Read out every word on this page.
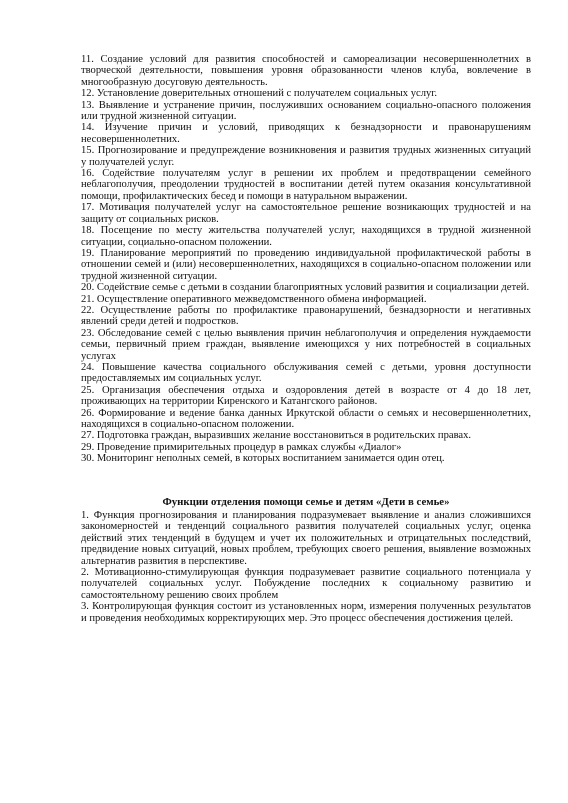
11. Создание условий для развития способностей и самореализации несовершеннолетних в творческой деятельности, повышения уровня образованности членов клуба, вовлечение в многообразную досуговую деятельность.

12. Установление доверительных отношений с получателем социальных услуг.

13. Выявление и устранение причин, послуживших основанием социально-опасного положения или трудной жизненной ситуации.

14. Изучение причин и условий, приводящих к безнадзорности и правонарушениям несовершеннолетних.

15. Прогнозирование и предупреждение возникновения и развития трудных жизненных ситуаций у получателей услуг.

16. Содействие получателям услуг в решении их проблем и предотвращении семейного неблагополучия, преодолении трудностей в воспитании детей путем оказания консультативной помощи, профилактических бесед и помощи в натуральном выражении.

17. Мотивация получателей услуг на самостоятельное решение возникающих трудностей и на защиту от социальных рисков.

18. Посещение по месту жительства получателей услуг, находящихся в трудной жизненной ситуации, социально-опасном положении.

19. Планирование мероприятий по проведению индивидуальной профилактической работы в отношении семей и (или) несовершеннолетних, находящихся в социально-опасном положении или трудной жизненной ситуации.

20. Содействие семье с детьми в создании благоприятных условий развития и социализации детей.

21. Осуществление оперативного межведомственного обмена информацией.

22. Осуществление работы по профилактике правонарушений, безнадзорности и негативных явлений среди детей и подростков.

23. Обследование семей с целью выявления причин неблагополучия и определения нуждаемости семьи, первичный прием граждан, выявление имеющихся у них потребностей в социальных услугах

24. Повышение качества социального обслуживания семей с детьми, уровня доступности предоставляемых им социальных услуг.

25. Организация обеспечения отдыха и оздоровления детей в возрасте от 4 до 18 лет, проживающих на территории Киренского и Катангского районов.

26. Формирование и ведение банка данных Иркутской области о семьях и несовершеннолетних, находящихся в социально-опасном положении.

27. Подготовка граждан, выразивших желание восстановиться в родительских правах.

29. Проведение примирительных процедур в рамках службы «Диалог»

30. Мониторинг неполных семей, в которых воспитанием занимается один отец.

Функции отделения помощи семье и детям «Дети в семье»

1. Функция прогнозирования и планирования подразумевает выявление и анализ сложившихся закономерностей и тенденций социального развития получателей социальных услуг, оценка действий этих тенденций в будущем и учет их положительных и отрицательных последствий, предвидение новых ситуаций, новых проблем, требующих своего решения, выявление возможных альтернатив развития в перспективе.

2. Мотивационно-стимулирующая функция подразумевает развитие социального потенциала у получателей социальных услуг. Побуждение последних к социальному развитию и самостоятельному решению своих проблем

3. Контролирующая функция состоит из установленных норм, измерения полученных результатов и проведения необходимых корректирующих мер. Это процесс обеспечения достижения целей.
